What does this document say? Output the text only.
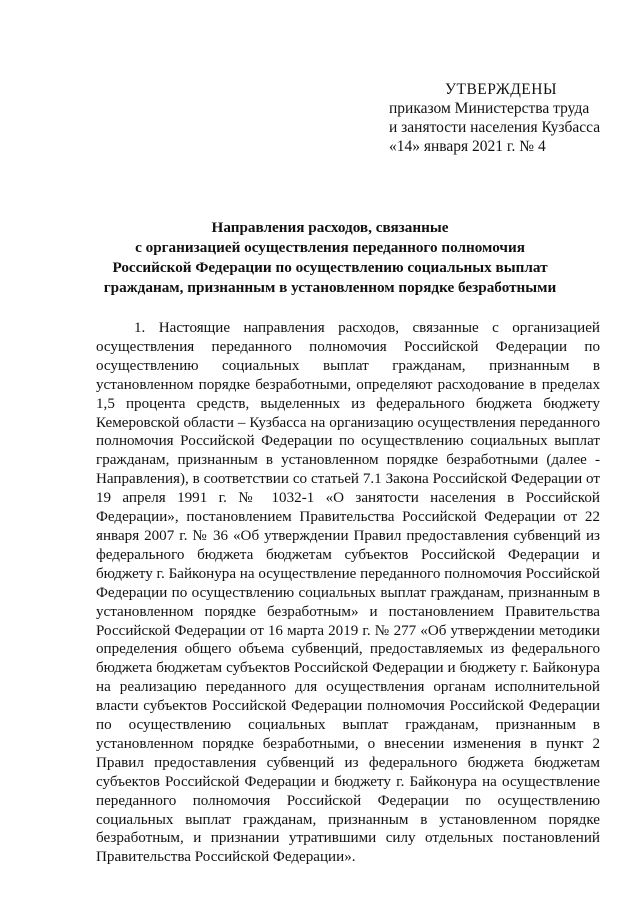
УТВЕРЖДЕНЫ
приказом Министерства труда
и занятости населения Кузбасса
«14» января 2021 г. № 4
Направления расходов, связанные
с организацией осуществления переданного полномочия
Российской Федерации по осуществлению социальных выплат
гражданам, признанным в установленном порядке безработными

1. Настоящие направления расходов, связанные с организацией осуществления переданного полномочия Российской Федерации по осуществлению социальных выплат гражданам, признанным в установленном порядке безработными, определяют расходование в пределах 1,5 процента средств, выделенных из федерального бюджета бюджету Кемеровской области – Кузбасса на организацию осуществления переданного полномочия Российской Федерации по осуществлению социальных выплат гражданам, признанным в установленном порядке безработными (далее - Направления), в соответствии со статьей 7.1 Закона Российской Федерации от 19 апреля 1991 г. № 1032-1 «О занятости населения в Российской Федерации», постановлением Правительства Российской Федерации от 22 января 2007 г. № 36 «Об утверждении Правил предоставления субвенций из федерального бюджета бюджетам субъектов Российской Федерации и бюджету г. Байконура на осуществление переданного полномочия Российской Федерации по осуществлению социальных выплат гражданам, признанным в установленном порядке безработным» и постановлением Правительства Российской Федерации от 16 марта 2019 г. № 277 «Об утверждении методики определения общего объема субвенций, предоставляемых из федерального бюджета бюджетам субъектов Российской Федерации и бюджету г. Байконура на реализацию переданного для осуществления органам исполнительной власти субъектов Российской Федерации полномочия Российской Федерации по осуществлению социальных выплат гражданам, признанным в установленном порядке безработными, о внесении изменения в пункт 2 Правил предоставления субвенций из федерального бюджета бюджетам субъектов Российской Федерации и бюджету г. Байконура на осуществление переданного полномочия Российской Федерации по осуществлению социальных выплат гражданам, признанным в установленном порядке безработным, и признании утратившими силу отдельных постановлений Правительства Российской Федерации».
